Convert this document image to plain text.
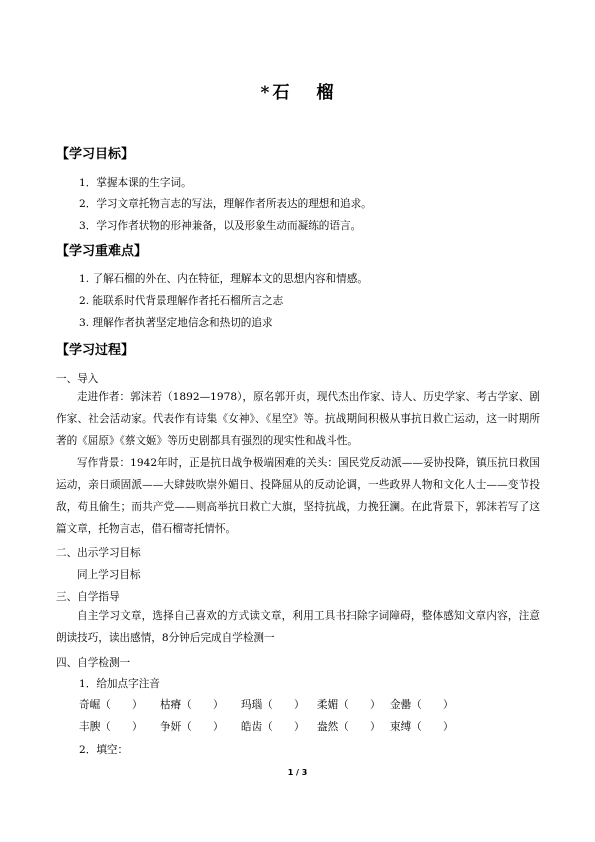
* 石 榴
【学习目标】
1．掌握本课的生字词。
2．学习文章托物言志的写法，理解作者所表达的理想和追求。
3．学习作者状物的形神兼备，以及形象生动而凝练的语言。
【学习重难点】
1. 了解石榴的外在、内在特征，理解本文的思想内容和情感。
2. 能联系时代背景理解作者托石榴所言之志
3. 理解作者执著坚定地信念和热切的追求
【学习过程】
一、导入
走进作者：郭沫若（1892—1978），原名郭开贞，现代杰出作家、诗人、历史学家、考古学家、剧作家、社会活动家。代表作有诗集《女神》、《星空》等。抗战期间积极从事抗日救亡运动，这一时期所著的《屈原》《蔡文姬》等历史剧都具有强烈的现实性和战斗性。
写作背景：1942年时，正是抗日战争极端困难的关头：国民党反动派——妥协投降，镇压抗日救国运动，亲日顽固派——大肆鼓吹崇外媚日、投降屈从的反动论调，一些政界人物和文化人士——变节投敌，苟且偷生；而共产党——则高举抗日救亡大旗，坚持抗战，力挽狂澜。在此背景下，郭沫若写了这篇文章，托物言志，借石榴寄托情怀。
二、出示学习目标
同上学习目标
三、自学指导
自主学习文章，选择自己喜欢的方式读文章，利用工具书扫除字词障碍，整体感知文章内容，注意朗读技巧，读出感情，8分钟后完成自学检测一
四、自学检测一
1．给加点字注音
奇崛（　　） 枯瘠（　　） 玛瑙（　　） 柔媚（　　） 金罍（　　）
丰腴（　　） 争妍（　　） 皓齿（　　） 盎然（　　） 束缚（　　）
2．填空：
1 / 3
